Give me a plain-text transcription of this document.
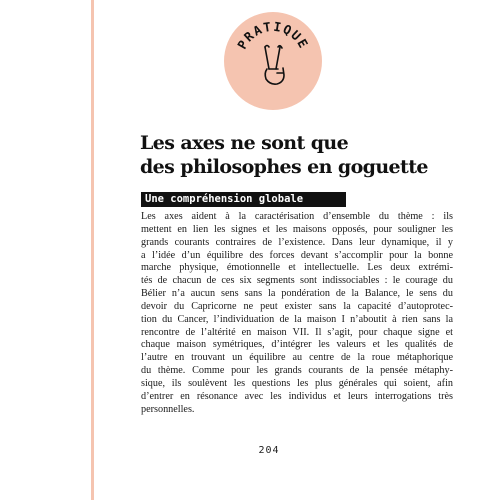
PRATIQUE
Les axes ne sont que
des philosophes en goguette
Une compréhension globale

Les axes aident à la caractérisation d’ensemble du thème : ils
mettent en lien les signes et les maisons opposés, pour souligner les
grands courants contraires de l’existence. Dans leur dynamique, il y
a l’idée d’un équilibre des forces devant s’accomplir pour la bonne
marche physique, émotionnelle et intellectuelle. Les deux extrémi-
tés de chacun de ces six segments sont indissociables : le courage du
Bélier n’a aucun sens sans la pondération de la Balance, le sens du
devoir du Capricorne ne peut exister sans la capacité d’autoprotec-
tion du Cancer, l’individuation de la maison I n’aboutit à rien sans la
rencontre de l’altérité en maison VII. Il s’agit, pour chaque signe et
chaque maison symétriques, d’intégrer les valeurs et les qualités de
l’autre en trouvant un équilibre au centre de la roue métaphorique
du thème. Comme pour les grands courants de la pensée métaphy-
sique, ils soulèvent les questions les plus générales qui soient, afin
d’entrer en résonance avec les individus et leurs interrogations très
personnelles.

204
